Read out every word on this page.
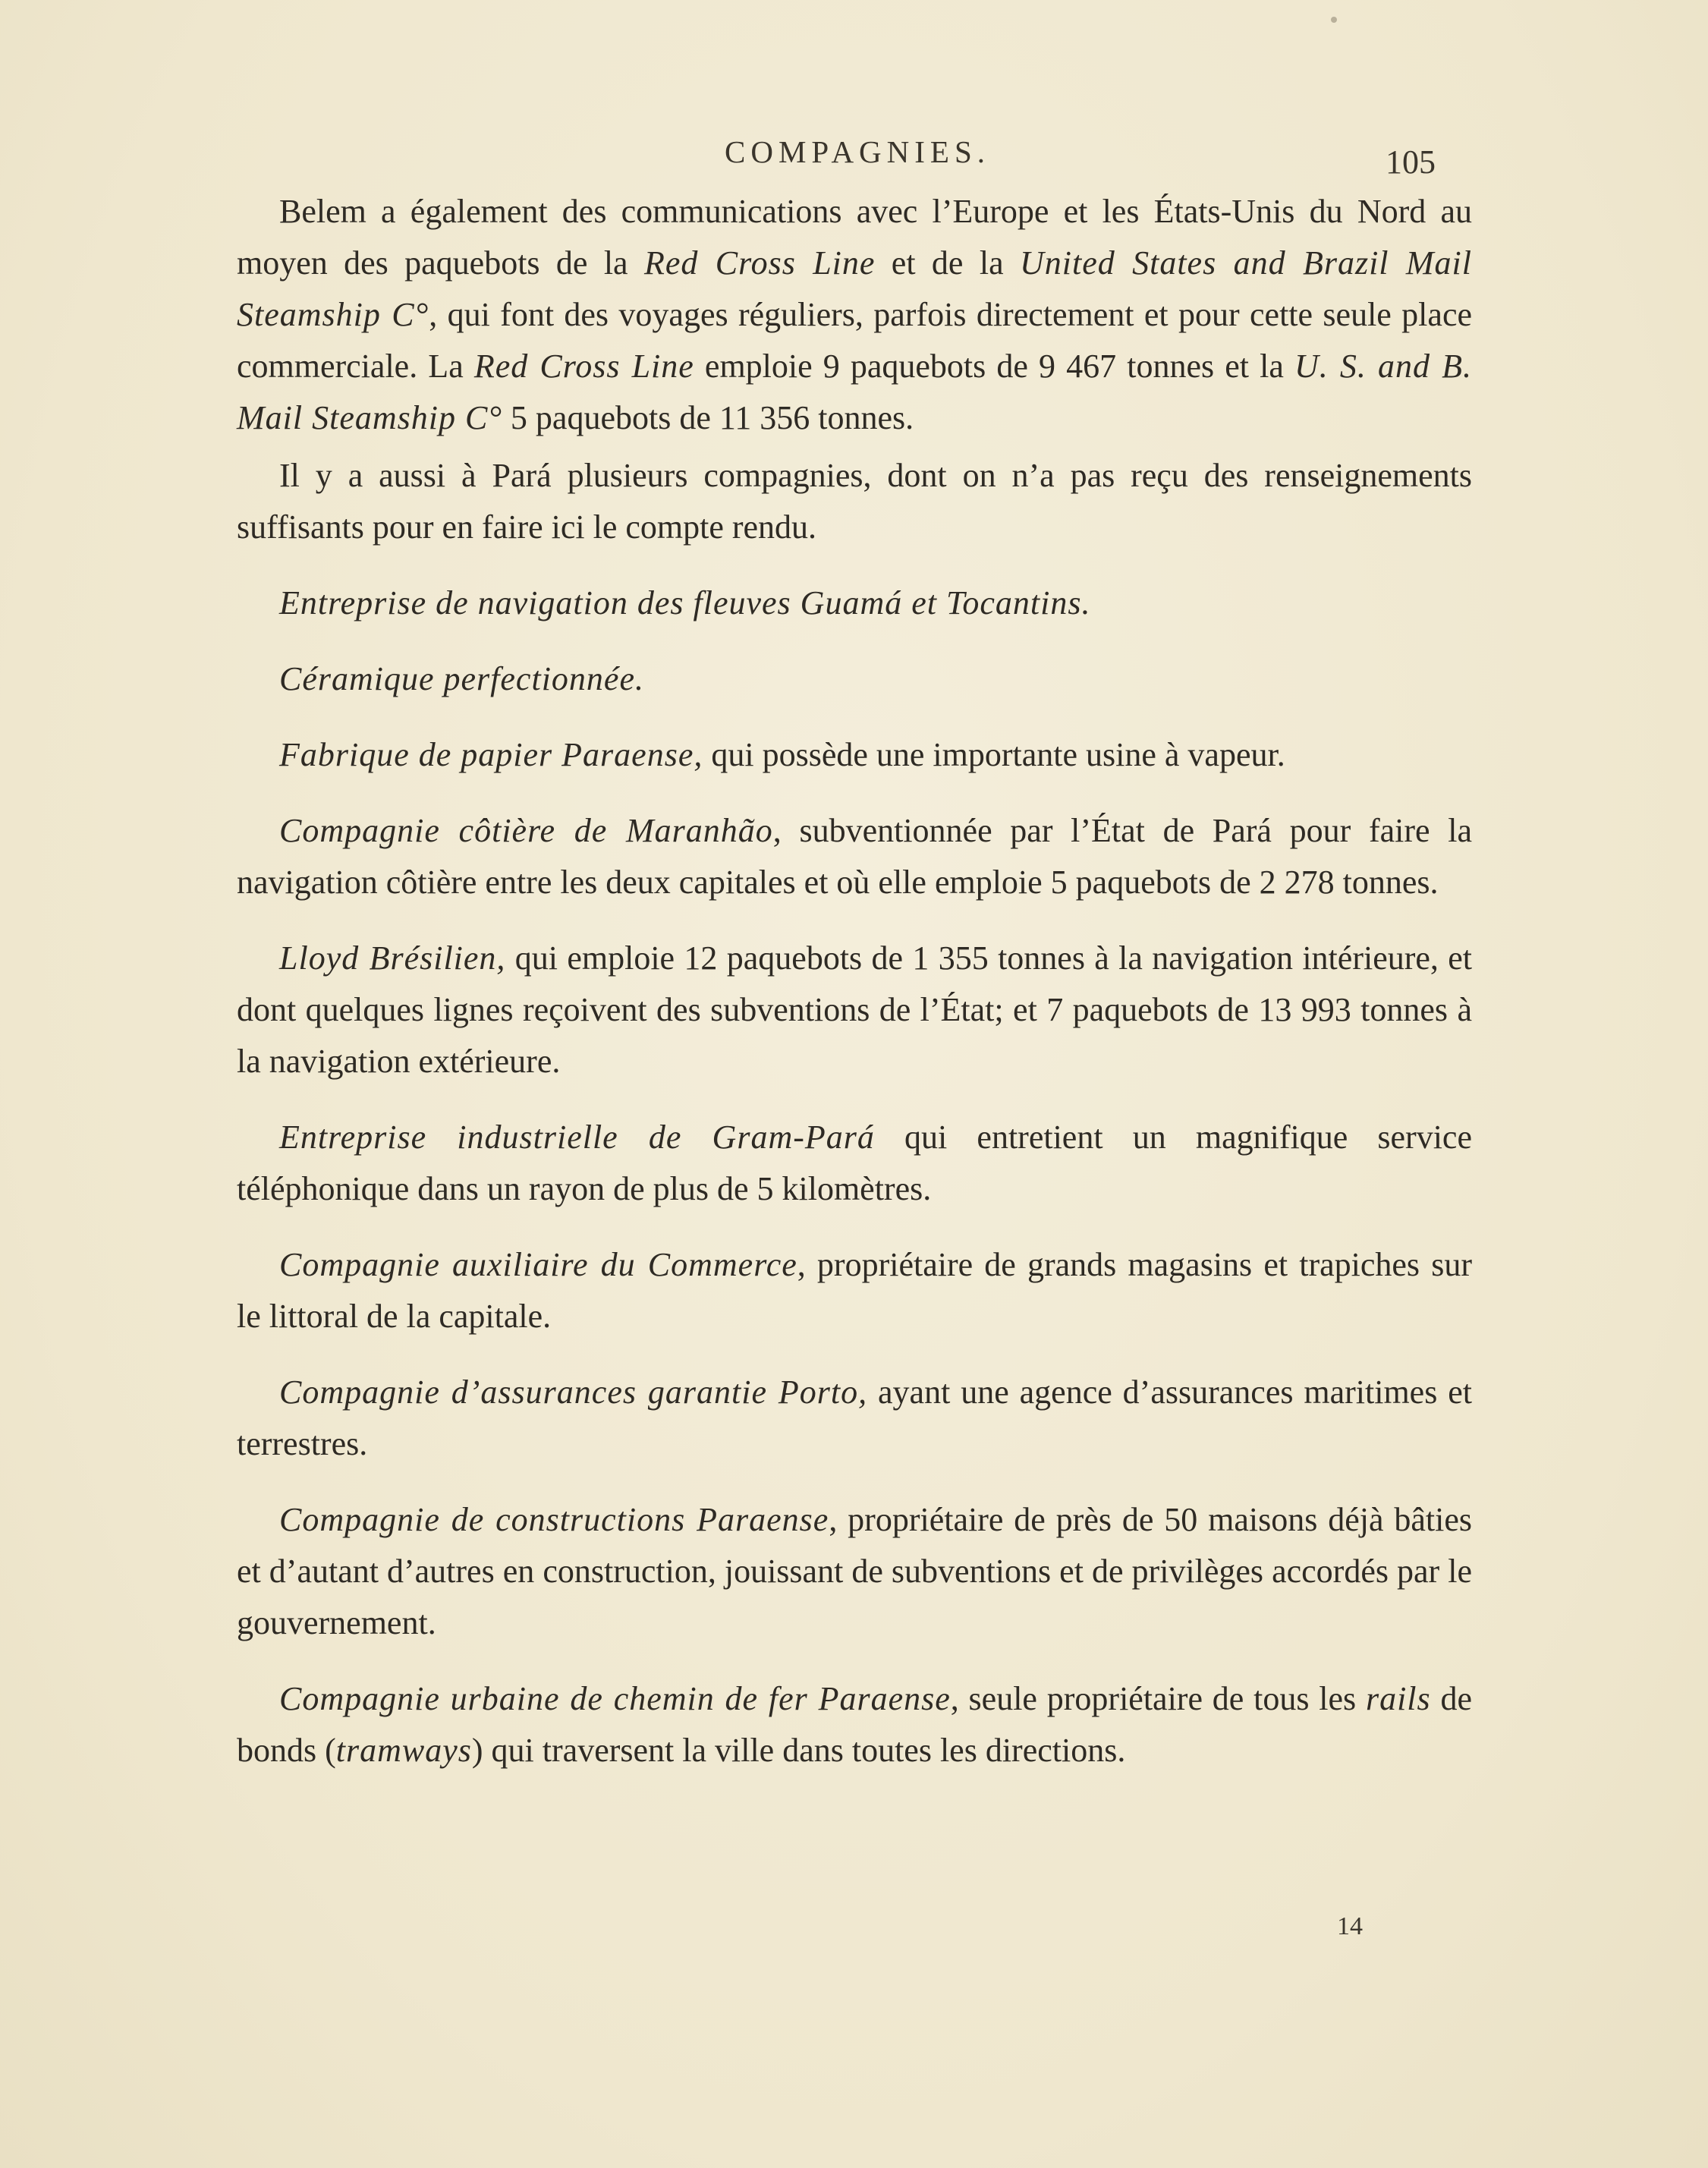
COMPAGNIES.	105

Belem a également des communications avec l’Europe et les États-Unis du Nord au moyen des paquebots de la Red Cross Line et de la United States and Brazil Mail Steamship C°, qui font des voyages réguliers, parfois directement et pour cette seule place commerciale. La Red Cross Line emploie 9 paquebots de 9 467 tonnes et la U. S. and B. Mail Steamship C° 5 paquebots de 11 356 tonnes.

Il y a aussi à Pará plusieurs compagnies, dont on n’a pas reçu des renseignements suffisants pour en faire ici le compte rendu.

Entreprise de navigation des fleuves Guamá et Tocantins.

Céramique perfectionnée.

Fabrique de papier Paraense, qui possède une importante usine à vapeur.

Compagnie côtière de Maranhão, subventionnée par l’État de Pará pour faire la navigation côtière entre les deux capitales et où elle emploie 5 paquebots de 2 278 tonnes.

Lloyd Brésilien, qui emploie 12 paquebots de 1 355 tonnes à la navigation intérieure, et dont quelques lignes reçoivent des subventions de l’État; et 7 paquebots de 13 993 tonnes à la navigation extérieure.

Entreprise industrielle de Gram-Pará qui entretient un magnifique service téléphonique dans un rayon de plus de 5 kilomètres.

Compagnie auxiliaire du Commerce, propriétaire de grands magasins et trapiches sur le littoral de la capitale.

Compagnie d’assurances garantie Porto, ayant une agence d’assurances maritimes et terrestres.

Compagnie de constructions Paraense, propriétaire de près de 50 maisons déjà bâties et d’autant d’autres en construction, jouissant de subventions et de privilèges accordés par le gouvernement.

Compagnie urbaine de chemin de fer Paraense, seule propriétaire de tous les rails de bonds (tramways) qui traversent la ville dans toutes les directions.

14
